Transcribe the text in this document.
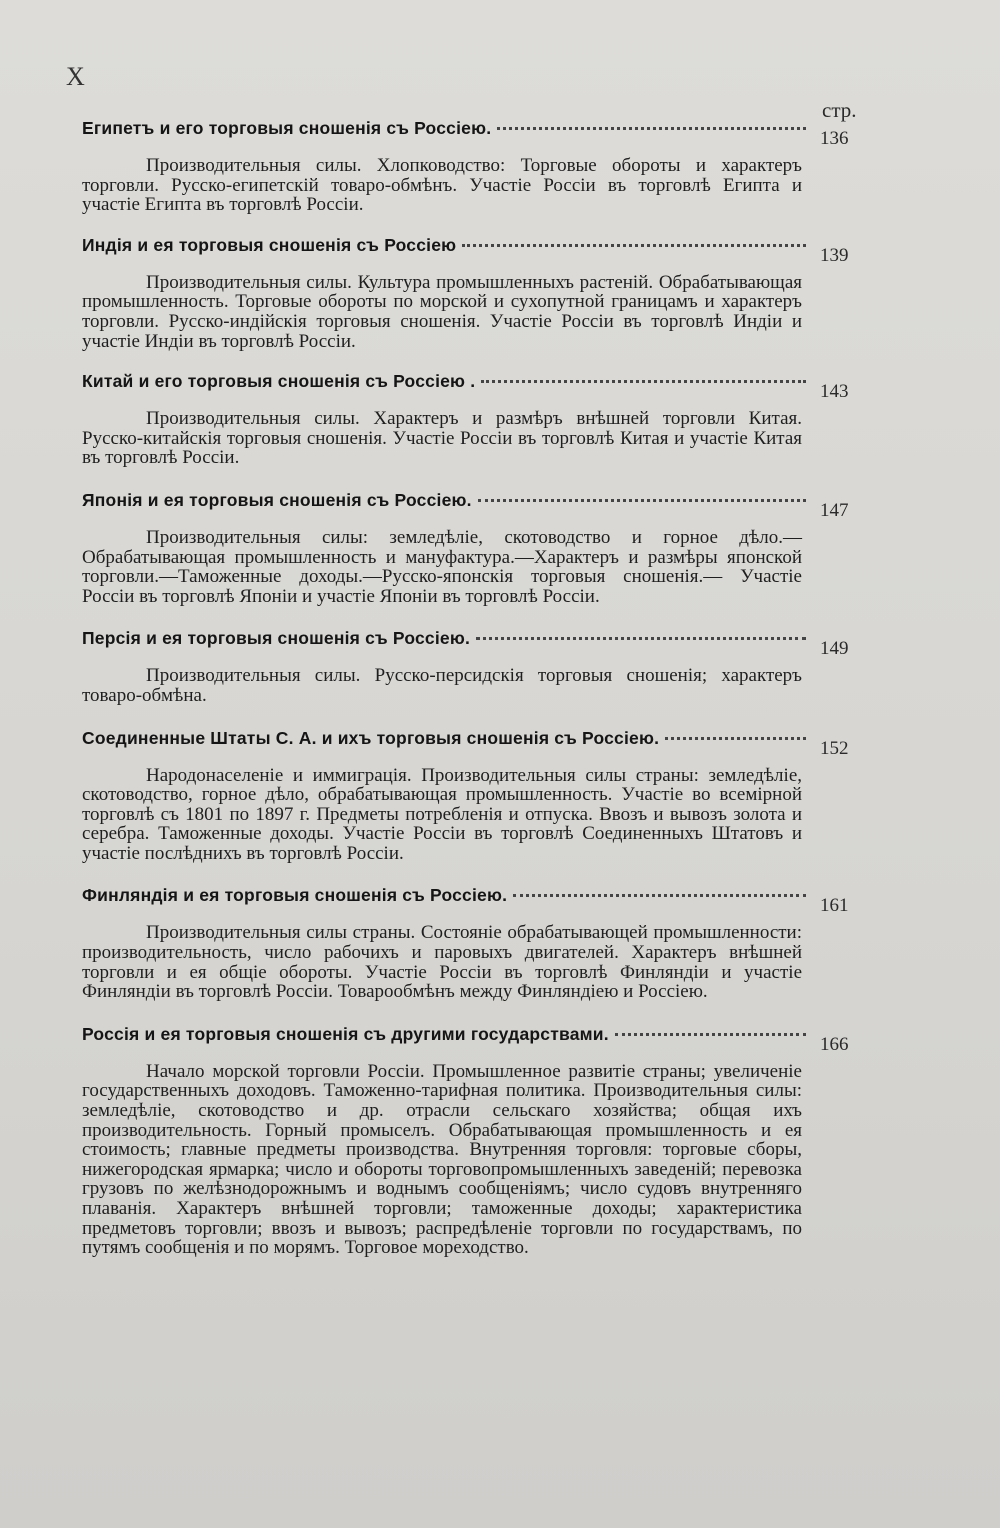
X
стр.
Египетъ и его торговыя сношенія съ Россіею.	136

Производительныя силы. Хлопководство: Торговые обороты и характеръ торговли. Русско-египетскій товаро-обмѣнъ. Участіе Россіи въ торговлѣ Египта и участіе Египта въ торговлѣ Россіи.

Индія и ея торговыя сношенія съ Россіею	139

Производительныя силы. Культура промышленныхъ растеній. Обрабатывающая промышленность. Торговые обороты по морской и сухопутной границамъ и характеръ торговли. Русско-индійскія торговыя сношенія. Участіе Россіи въ торговлѣ Индіи и участіе Индіи въ торговлѣ Россіи.

Китай и его торговыя сношенія съ Россіею .	143

Производительныя силы. Характеръ и размѣръ внѣшней торговли Китая. Русско-китайскія торговыя сношенія. Участіе Россіи въ торговлѣ Китая и участіе Китая въ торговлѣ Россіи.

Японія и ея торговыя сношенія съ Россіею.	147

Производительныя силы: земледѣліе, скотоводство и горное дѣло.—Обрабатывающая промышленность и мануфактура.—Характеръ и размѣры японской торговли.—Таможенные доходы.—Русско-японскія торговыя сношенія.— Участіе Россіи въ торговлѣ Японіи и участіе Японіи въ торговлѣ Россіи.

Персія и ея торговыя сношенія съ Россіею.	149

Производительныя силы. Русско-персидскія торговыя сношенія; характеръ товаро-обмѣна.

Соединенные Штаты С. А. и ихъ торговыя сношенія съ Россіею.	152

Народонаселеніе и иммиграція. Производительныя силы страны: земледѣліе, скотоводство, горное дѣло, обрабатывающая промышленность. Участіе во всемірной торговлѣ съ 1801 по 1897 г. Предметы потребленія и отпуска. Ввозъ и вывозъ золота и серебра. Таможенные доходы. Участіе Россіи въ торговлѣ Соединенныхъ Штатовъ и участіе послѣднихъ въ торговлѣ Россіи.

Финляндія и ея торговыя сношенія съ Россіею.	161

Производительныя силы страны. Состояніе обрабатывающей промышленности: производительность, число рабочихъ и паровыхъ двигателей. Характеръ внѣшней торговли и ея общіе обороты. Участіе Россіи въ торговлѣ Финляндіи и участіе Финляндіи въ торговлѣ Россіи. Товарообмѣнъ между Финляндіею и Россіею.

Россія и ея торговыя сношенія съ другими государствами.	166

Начало морской торговли Россіи. Промышленное развитіе страны; увеличеніе государственныхъ доходовъ. Таможенно-тарифная политика. Производительныя силы: земледѣліе, скотоводство и др. отрасли сельскаго хозяйства; общая ихъ производительность. Горный промыселъ. Обрабатывающая промышленность и ея стоимость; главные предметы производства. Внутренняя торговля: торговые сборы, нижегородская ярмарка; число и обороты торговопромышленныхъ заведеній; перевозка грузовъ по желѣзнодорожнымъ и воднымъ сообщеніямъ; число судовъ внутренняго плаванія. Характеръ внѣшней торговли; таможенные доходы; характеристика предметовъ торговли; ввозъ и вывозъ; распредѣленіе торговли по государствамъ, по путямъ сообщенія и по морямъ. Торговое мореходство.
